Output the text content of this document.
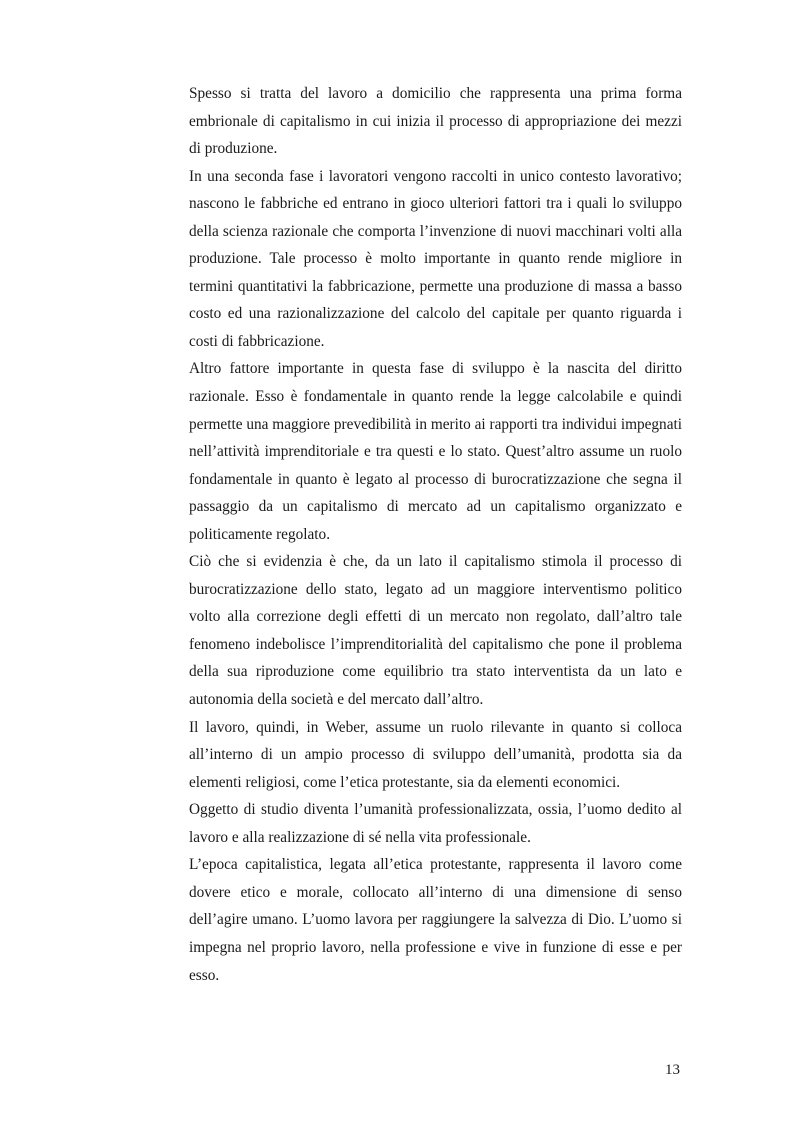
Spesso si tratta del lavoro a domicilio che rappresenta una prima forma embrionale di capitalismo in cui inizia il processo di appropriazione dei mezzi di produzione.

In una seconda fase i lavoratori vengono raccolti in unico contesto lavorativo; nascono le fabbriche ed entrano in gioco ulteriori fattori tra i quali lo sviluppo della scienza razionale che comporta l’invenzione di nuovi macchinari volti alla produzione. Tale processo è molto importante in quanto rende migliore in termini quantitativi la fabbricazione, permette una produzione di massa a basso costo ed una razionalizzazione del calcolo del capitale per quanto riguarda i costi di fabbricazione.

Altro fattore importante in questa fase di sviluppo è la nascita del diritto razionale. Esso è fondamentale in quanto rende la legge calcolabile e quindi permette una maggiore prevedibilità in merito ai rapporti tra individui impegnati nell’attività imprenditoriale e tra questi e lo stato. Quest’altro assume un ruolo fondamentale in quanto è legato al processo di burocratizzazione che segna il passaggio da un capitalismo di mercato ad un capitalismo organizzato e politicamente regolato.

Ciò che si evidenzia è che, da un lato il capitalismo stimola il processo di burocratizzazione dello stato, legato ad un maggiore interventismo politico volto alla correzione degli effetti di un mercato non regolato, dall’altro tale fenomeno indebolisce l’imprenditorialità del capitalismo che pone il problema della sua riproduzione come equilibrio tra stato interventista da un lato e autonomia della società e del mercato dall’altro.

Il lavoro, quindi, in Weber, assume un ruolo rilevante in quanto si colloca all’interno di un ampio processo di sviluppo dell’umanità, prodotta sia da elementi religiosi, come l’etica protestante, sia da elementi economici.

Oggetto di studio diventa l’umanità professionalizzata, ossia, l’uomo dedito al lavoro e alla realizzazione di sé nella vita professionale.

L’epoca capitalistica, legata all’etica protestante, rappresenta il lavoro come dovere etico e morale, collocato all’interno di una dimensione di senso dell’agire umano. L’uomo lavora per raggiungere la salvezza di Dio. L’uomo si impegna nel proprio lavoro, nella professione e vive in funzione di esse e per esso.

13
